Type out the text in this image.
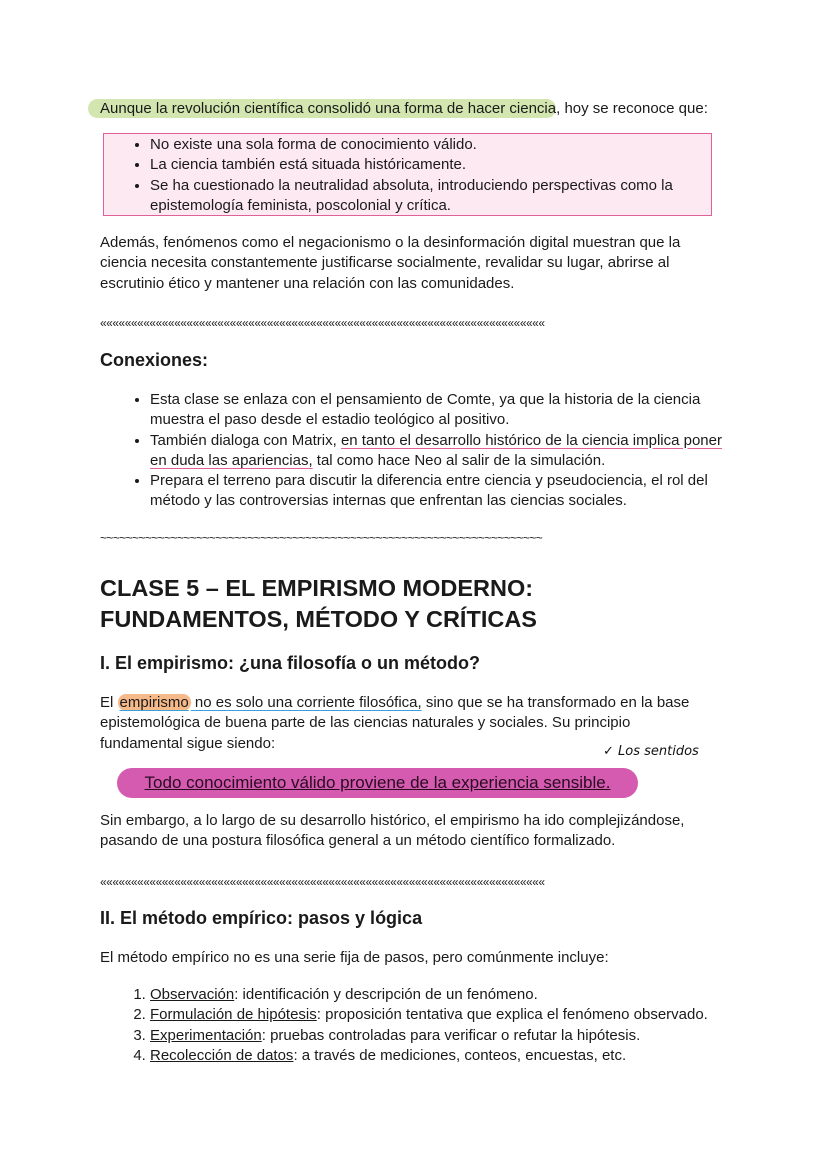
Aunque la revolución científica consolidó una forma de hacer ciencia, hoy se reconoce que:
• No existe una sola forma de conocimiento válido.
• La ciencia también está situada históricamente.
• Se ha cuestionado la neutralidad absoluta, introduciendo perspectivas como la epistemología feminista, poscolonial y crítica.
Además, fenómenos como el negacionismo o la desinformación digital muestran que la ciencia necesita constantemente justificarse socialmente, revalidar su lugar, abrirse al escrutinio ético y mantener una relación con las comunidades.
««««««««««««««««««««««««««««««««««««««««««««««««««««««««««««««««««««««««
Conexiones:
• Esta clase se enlaza con el pensamiento de Comte, ya que la historia de la ciencia muestra el paso desde el estadio teológico al positivo.
• También dialoga con Matrix, en tanto el desarrollo histórico de la ciencia implica poner en duda las apariencias, tal como hace Neo al salir de la simulación.
• Prepara el terreno para discutir la diferencia entre ciencia y pseudociencia, el rol del método y las controversias internas que enfrentan las ciencias sociales.
~~~~~~~~~~~~~~~~~~~~~~~~~~~~~~~~~~~~~~~~~~~~~~~~~~~~~~~~~~~~~~~~~~~~~
CLASE 5 – EL EMPIRISMO MODERNO:
FUNDAMENTOS, MÉTODO Y CRÍTICAS
I. El empirismo: ¿una filosofía o un método?
El empirismo no es solo una corriente filosófica, sino que se ha transformado en la base epistemológica de buena parte de las ciencias naturales y sociales. Su principio fundamental sigue siendo:	✓ Los sentidos
Todo conocimiento válido proviene de la experiencia sensible.
Sin embargo, a lo largo de su desarrollo histórico, el empirismo ha ido complejizándose, pasando de una postura filosófica general a un método científico formalizado.
««««««««««««««««««««««««««««««««««««««««««««««««««««««««««««««««««««««««
II. El método empírico: pasos y lógica
El método empírico no es una serie fija de pasos, pero comúnmente incluye:
1. Observación: identificación y descripción de un fenómeno.
2. Formulación de hipótesis: proposición tentativa que explica el fenómeno observado.
3. Experimentación: pruebas controladas para verificar o refutar la hipótesis.
4. Recolección de datos: a través de mediciones, conteos, encuestas, etc.
